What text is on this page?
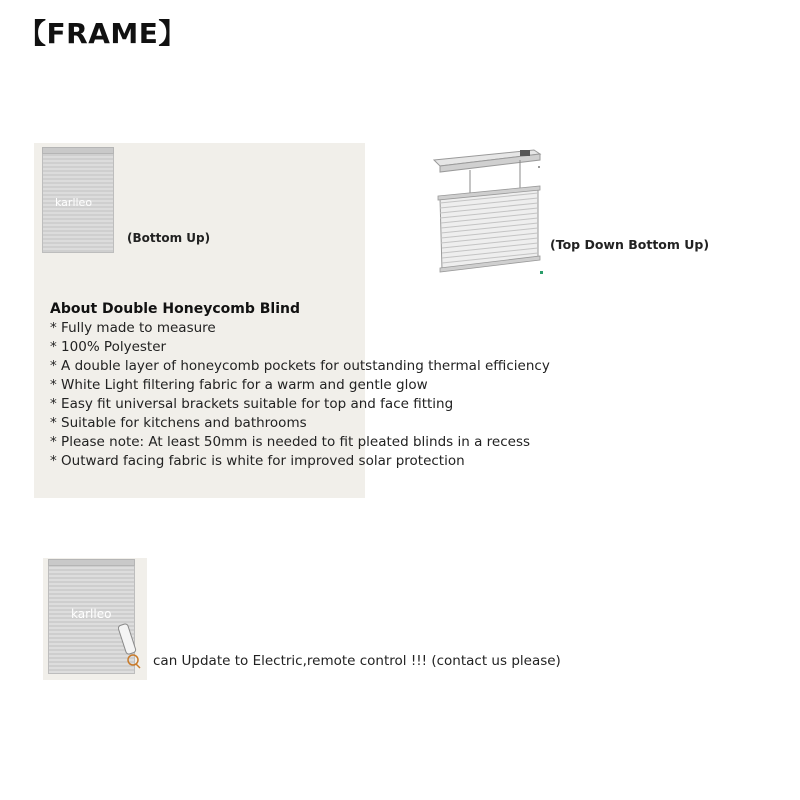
【FRAME】
karlleo
(Bottom Up)	(Top Down Bottom Up)
About Double Honeycomb Blind
* Fully made to measure
* 100% Polyester
* A double layer of honeycomb pockets for outstanding thermal efficiency
* White Light filtering fabric for a warm and gentle glow
* Easy fit universal brackets suitable for top and face fitting
* Suitable for kitchens and bathrooms
* Please note: At least 50mm is needed to fit pleated blinds in a recess
* Outward facing fabric is white for improved solar protection
karlleo
can Update to Electric,remote control !!! (contact us please)
